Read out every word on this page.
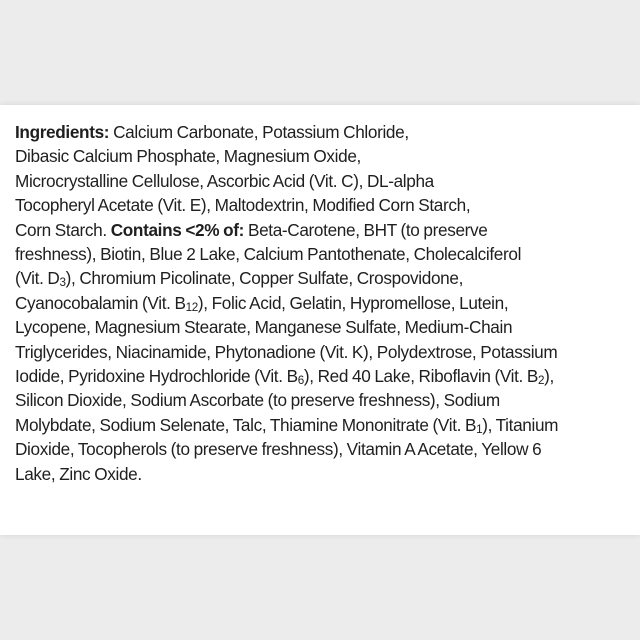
Ingredients: Calcium Carbonate, Potassium Chloride,
Dibasic Calcium Phosphate, Magnesium Oxide,
Microcrystalline Cellulose, Ascorbic Acid (Vit. C), DL-alpha
Tocopheryl Acetate (Vit. E), Maltodextrin, Modified Corn Starch,
Corn Starch. Contains <2% of: Beta-Carotene, BHT (to preserve
freshness), Biotin, Blue 2 Lake, Calcium Pantothenate, Cholecalciferol
(Vit. $D_3$), Chromium Picolinate, Copper Sulfate, Crospovidone,
Cyanocobalamin (Vit. $B_{12}$), Folic Acid, Gelatin, Hypromellose, Lutein,
Lycopene, Magnesium Stearate, Manganese Sulfate, Medium-Chain
Triglycerides, Niacinamide, Phytonadione (Vit. K), Polydextrose, Potassium
Iodide, Pyridoxine Hydrochloride (Vit. $B_6$), Red 40 Lake, Riboflavin (Vit. $B_2$),
Silicon Dioxide, Sodium Ascorbate (to preserve freshness), Sodium
Molybdate, Sodium Selenate, Talc, Thiamine Mononitrate (Vit. $B_1$), Titanium
Dioxide, Tocopherols (to preserve freshness), Vitamin A Acetate, Yellow 6
Lake, Zinc Oxide.
